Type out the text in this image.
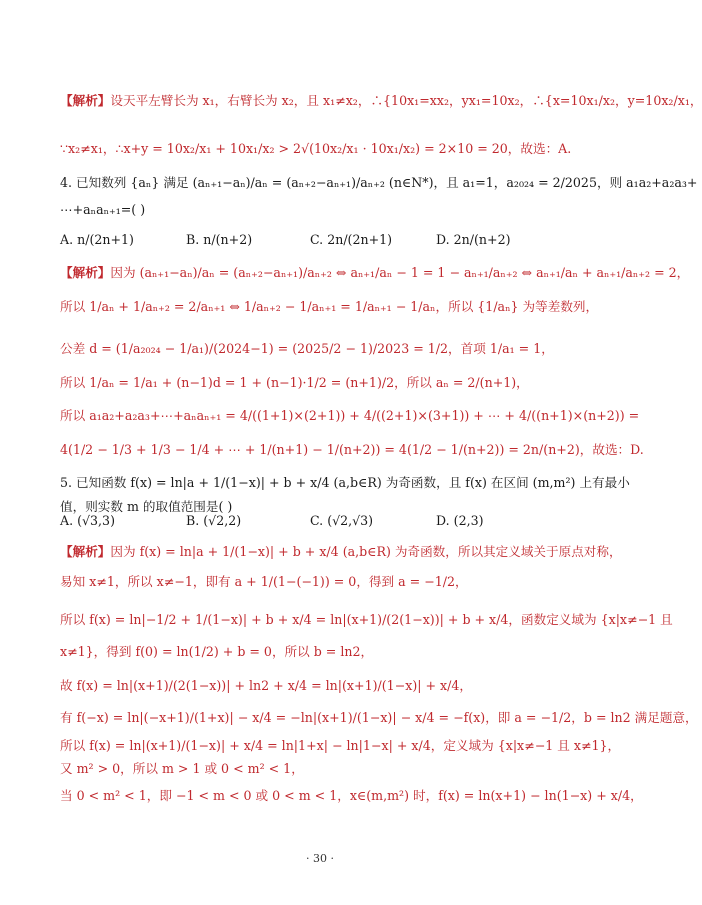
【解析】设天平左臂长为 x₁，右臂长为 x₂，且 x₁≠x₂，∴{10x₁=xx₂，yx₁=10x₂，∴{x=10x₁/x₂，y=10x₂/x₁，
∵x₂≠x₁，∴x+y = 10x₂/x₁ + 10x₁/x₂ > 2√(10x₂/x₁ · 10x₁/x₂) = 2×10 = 20，故选：A.
4. 已知数列 {aₙ} 满足 (aₙ₊₁−aₙ)/aₙ = (aₙ₊₂−aₙ₊₁)/aₙ₊₂ (n∈N*)，且 a₁=1，a₂₀₂₄ = 2/2025，则 a₁a₂+a₂a₃+
⋯+aₙaₙ₊₁=( )
【解析】因为 (aₙ₊₁−aₙ)/aₙ = (aₙ₊₂−aₙ₊₁)/aₙ₊₂ ⇔ aₙ₊₁/aₙ − 1 = 1 − aₙ₊₁/aₙ₊₂ ⇔ aₙ₊₁/aₙ + aₙ₊₁/aₙ₊₂ = 2，
所以 1/aₙ + 1/aₙ₊₂ = 2/aₙ₊₁ ⇔ 1/aₙ₊₂ − 1/aₙ₊₁ = 1/aₙ₊₁ − 1/aₙ，所以 {1/aₙ} 为等差数列，
公差 d = (1/a₂₀₂₄ − 1/a₁)/(2024−1) = (2025/2 − 1)/2023 = 1/2，首项 1/a₁ = 1，
所以 1/aₙ = 1/a₁ + (n−1)d = 1 + (n−1)·1/2 = (n+1)/2，所以 aₙ = 2/(n+1)，
所以 a₁a₂+a₂a₃+⋯+aₙaₙ₊₁ = 4/((1+1)×(2+1)) + 4/((2+1)×(3+1)) + ⋯ + 4/((n+1)×(n+2)) =
4(1/2 − 1/3 + 1/3 − 1/4 + ⋯ + 1/(n+1) − 1/(n+2)) = 4(1/2 − 1/(n+2)) = 2n/(n+2)，故选：D.
5. 已知函数 f(x) = ln|a + 1/(1−x)| + b + x/4 (a,b∈R) 为奇函数，且 f(x) 在区间 (m,m²) 上有最小
值，则实数 m 的取值范围是( )
【解析】因为 f(x) = ln|a + 1/(1−x)| + b + x/4 (a,b∈R) 为奇函数，所以其定义域关于原点对称，
易知 x≠1，所以 x≠−1，即有 a + 1/(1−(−1)) = 0，得到 a = −1/2，
所以 f(x) = ln|−1/2 + 1/(1−x)| + b + x/4 = ln|(x+1)/(2(1−x))| + b + x/4，函数定义域为 {x|x≠−1 且
x≠1}，得到 f(0) = ln(1/2) + b = 0，所以 b = ln2，
故 f(x) = ln|(x+1)/(2(1−x))| + ln2 + x/4 = ln|(x+1)/(1−x)| + x/4，
有 f(−x) = ln|(−x+1)/(1+x)| − x/4 = −ln|(x+1)/(1−x)| − x/4 = −f(x)，即 a = −1/2，b = ln2 满足题意，
所以 f(x) = ln|(x+1)/(1−x)| + x/4 = ln|1+x| − ln|1−x| + x/4，定义域为 {x|x≠−1 且 x≠1}，
又 m² > 0，所以 m > 1 或 0 < m² < 1，
当 0 < m² < 1，即 −1 < m < 0 或 0 < m < 1，x∈(m,m²) 时，f(x) = ln(x+1) − ln(1−x) + x/4，
A. n/(2n+1)	B. n/(n+2)	C. 2n/(2n+1)	D. 2n/(n+2)
A. (√3,3)	B. (√2,2)	C. (√2,√3)	D. (2,3)
· 30 ·
